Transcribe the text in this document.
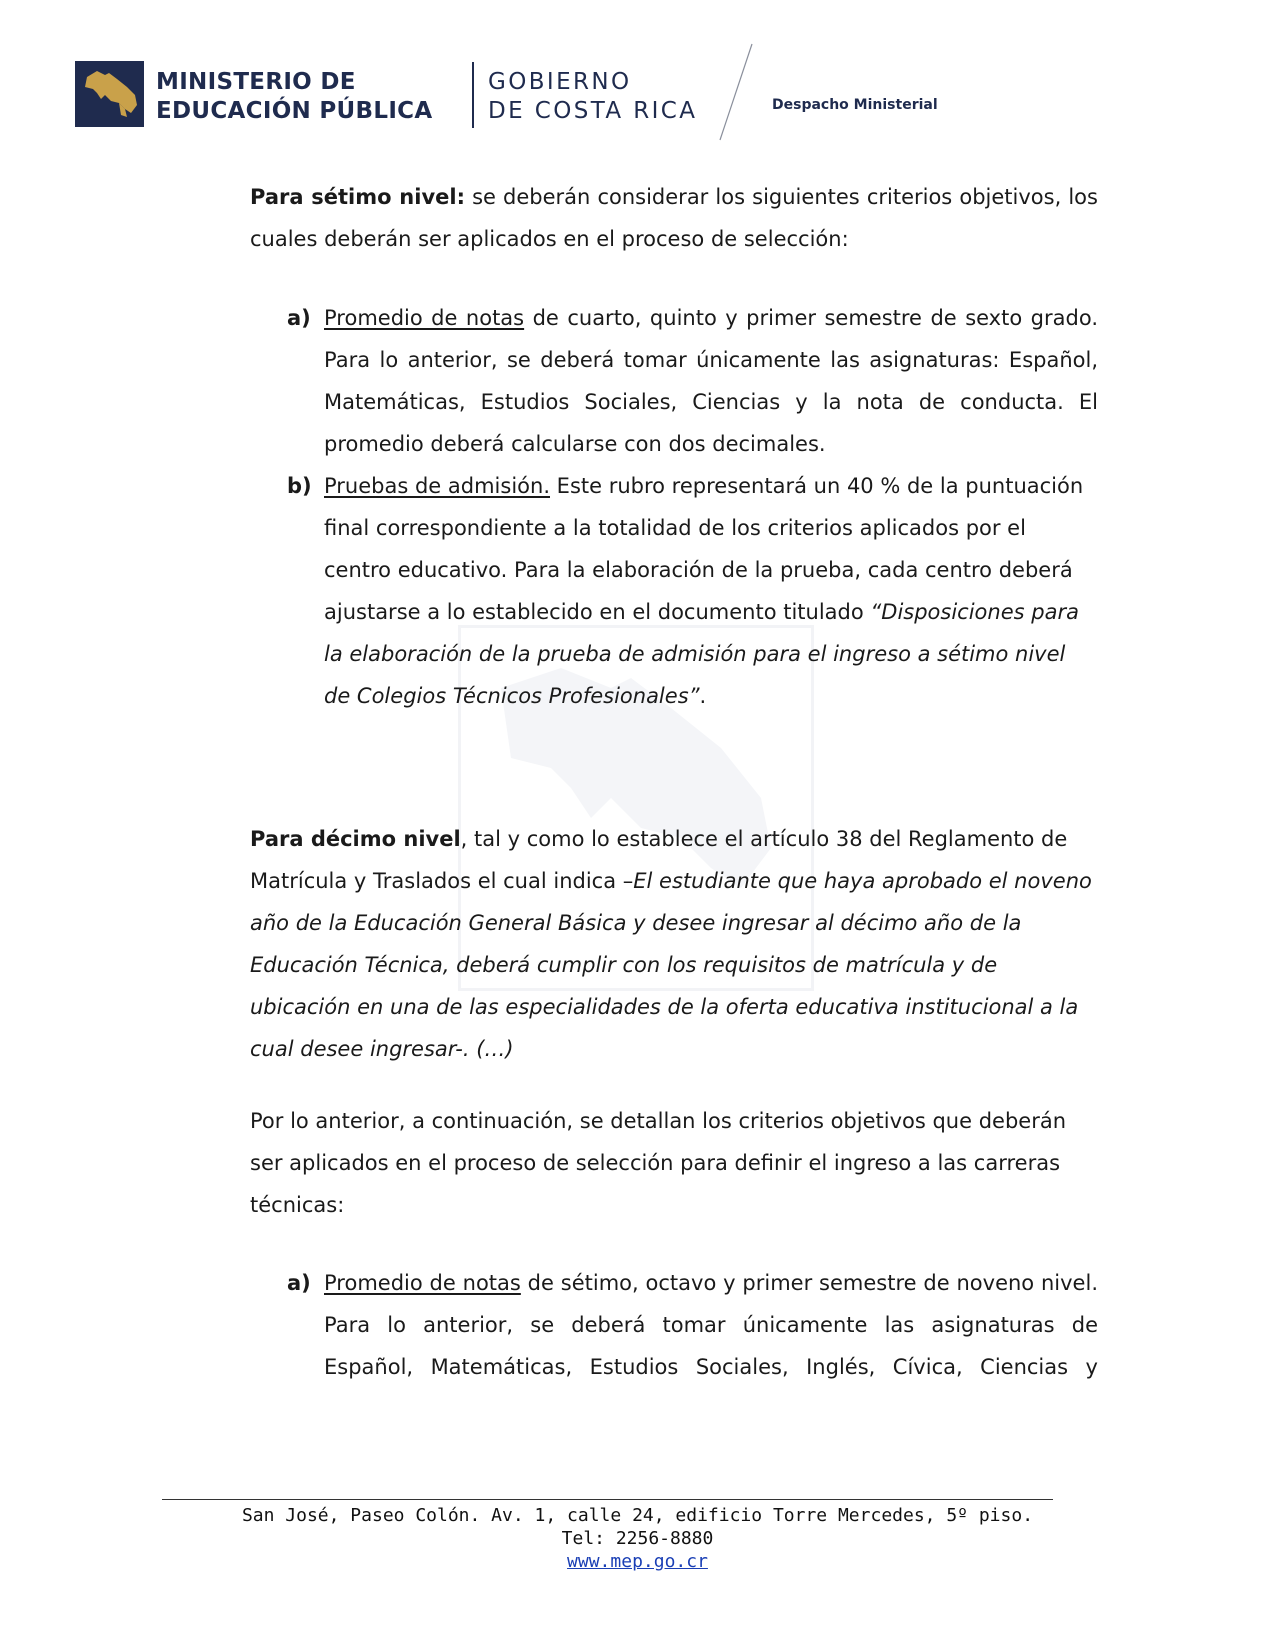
MINISTERIO DE
EDUCACIÓN PÚBLICA
GOBIERNO
DE COSTA RICA	Despacho Ministerial
Para sétimo nivel: se deberán considerar los siguientes criterios objetivos, los cuales deberán ser aplicados en el proceso de selección:
a) Promedio de notas de cuarto, quinto y primer semestre de sexto grado. Para lo anterior, se deberá tomar únicamente las asignaturas: Español, Matemáticas, Estudios Sociales, Ciencias y la nota de conducta. El promedio deberá calcularse con dos decimales.
b) Pruebas de admisión. Este rubro representará un 40 % de la puntuación final correspondiente a la totalidad de los criterios aplicados por el centro educativo. Para la elaboración de la prueba, cada centro deberá ajustarse a lo establecido en el documento titulado “Disposiciones para la elaboración de la prueba de admisión para el ingreso a sétimo nivel de Colegios Técnicos Profesionales”.
Para décimo nivel, tal y como lo establece el artículo 38 del Reglamento de Matrícula y Traslados el cual indica –El estudiante que haya aprobado el noveno año de la Educación General Básica y desee ingresar al décimo año de la Educación Técnica, deberá cumplir con los requisitos de matrícula y de ubicación en una de las especialidades de la oferta educativa institucional a la cual desee ingresar-. (…)
Por lo anterior, a continuación, se detallan los criterios objetivos que deberán ser aplicados en el proceso de selección para definir el ingreso a las carreras técnicas:
a) Promedio de notas de sétimo, octavo y primer semestre de noveno nivel. Para lo anterior, se deberá tomar únicamente las asignaturas de Español, Matemáticas, Estudios Sociales, Inglés, Cívica, Ciencias y
San José, Paseo Colón. Av. 1, calle 24, edificio Torre Mercedes, 5º piso.
Tel: 2256-8880
www.mep.go.cr
